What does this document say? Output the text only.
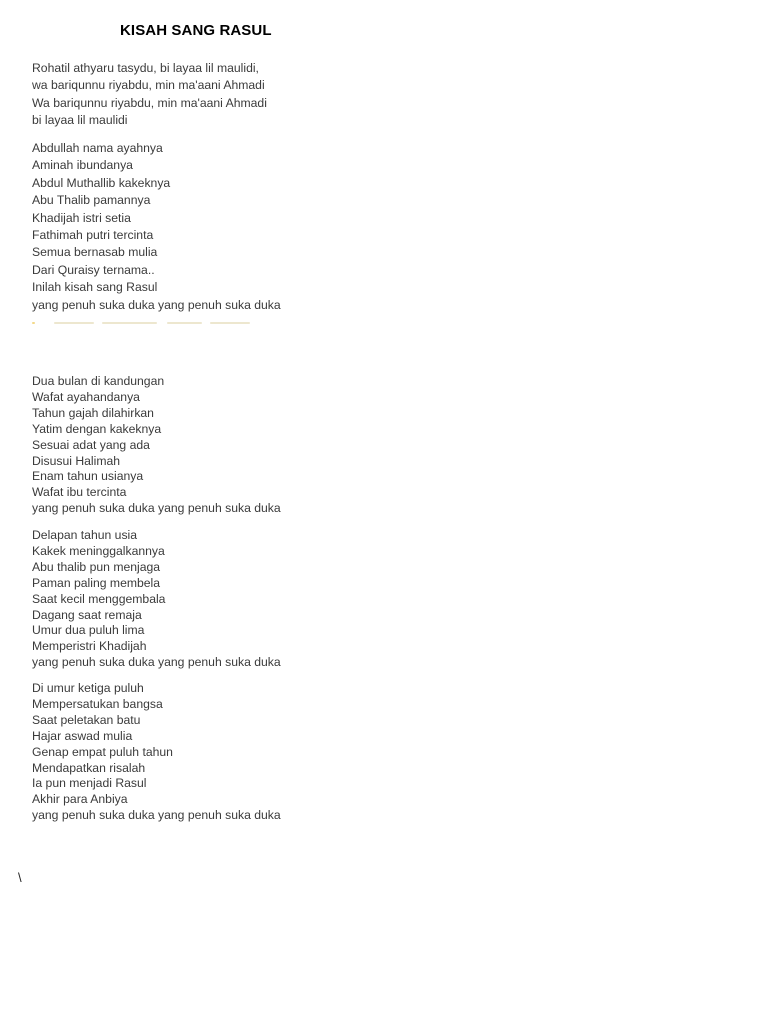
KISAH SANG RASUL
Rohatil athyaru tasydu, bi layaa lil maulidi,
wa bariqunnu riyabdu, min ma'aani Ahmadi
Wa bariqunnu riyabdu, min ma'aani Ahmadi
bi layaa lil maulidi
Abdullah nama ayahnya
Aminah ibundanya
Abdul Muthallib kakeknya
Abu Thalib pamannya
Khadijah istri setia
Fathimah putri tercinta
Semua bernasab mulia
Dari Quraisy ternama..
Inilah kisah sang Rasul
yang penuh suka duka yang penuh suka duka
Dua bulan di kandungan
Wafat ayahandanya
Tahun gajah dilahirkan
Yatim dengan kakeknya
Sesuai adat yang ada
Disusui Halimah
Enam tahun usianya
Wafat ibu tercinta
yang penuh suka duka yang penuh suka duka
Delapan tahun usia
Kakek meninggalkannya
Abu thalib pun menjaga
Paman paling membela
Saat kecil menggembala
Dagang saat remaja
Umur dua puluh lima
Memperistri Khadijah
yang penuh suka duka yang penuh suka duka
Di umur ketiga puluh
Mempersatukan bangsa
Saat peletakan batu
Hajar aswad mulia
Genap empat puluh tahun
Mendapatkan risalah
Ia pun menjadi Rasul
Akhir para Anbiya
yang penuh suka duka yang penuh suka duka
\
